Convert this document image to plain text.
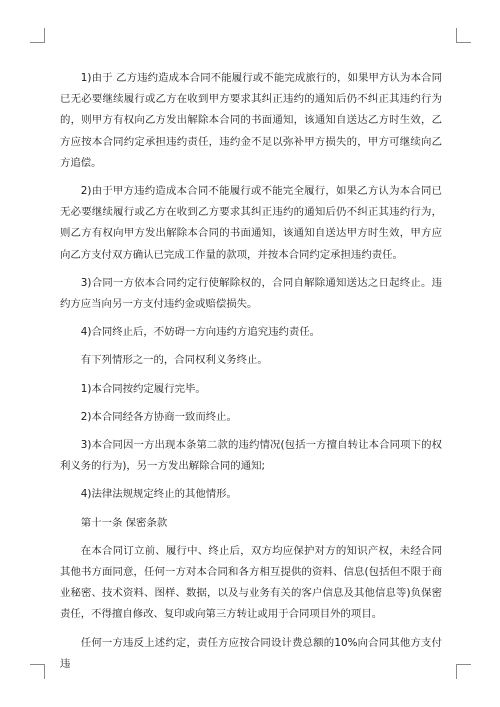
1)由于 乙方违约造成本合同不能履行或不能完成旅行的，如果甲方认为本合同已无必要继续履行或乙方在收到甲方要求其纠正违约的通知后仍不纠正其违约行为的，则甲方有权向乙方发出解除本合同的书面通知，该通知自送达乙方时生效，乙方应按本合同约定承担违约责任，违约金不足以弥补甲方损失的，甲方可继续向乙方追偿。

2)由于甲方违约造成本合同不能履行或不能完全履行，如果乙方认为本合同已无必要继续履行或乙方在收到乙方要求其纠正违约的通知后仍不纠正其违约行为，则乙方有权向甲方发出解除本合同的书面通知，该通知自送达甲方时生效，甲方应向乙方支付双方确认已完成工作量的款项，并按本合同约定承担违约责任。

3)合同一方依本合同约定行使解除权的，合同自解除通知送达之日起终止。违约方应当向另一方支付违约金或赔偿损失。

4)合同终止后，不妨碍一方向违约方追究违约责任。

有下列情形之一的，合同权利义务终止。

1)本合同按约定履行完毕。

2)本合同经各方协商一致而终止。

3)本合同因一方出现本条第二款的违约情况(包括一方擅自转让本合同项下的权利义务的行为)，另一方发出解除合同的通知;

4)法律法规规定终止的其他情形。

第十一条 保密条款

在本合同订立前、履行中、终止后，双方均应保护对方的知识产权，未经合同其他书方面同意，任何一方对本合同和各方相互提供的资料、信息(包括但不限于商业秘密、技术资料、图样、数据，以及与业务有关的客户信息及其他信息等)负保密责任，不得擅自修改、复印或向第三方转让或用于合同项目外的项目。

任何一方违反上述约定，责任方应按合同设计费总额的10%向合同其他方支付违
